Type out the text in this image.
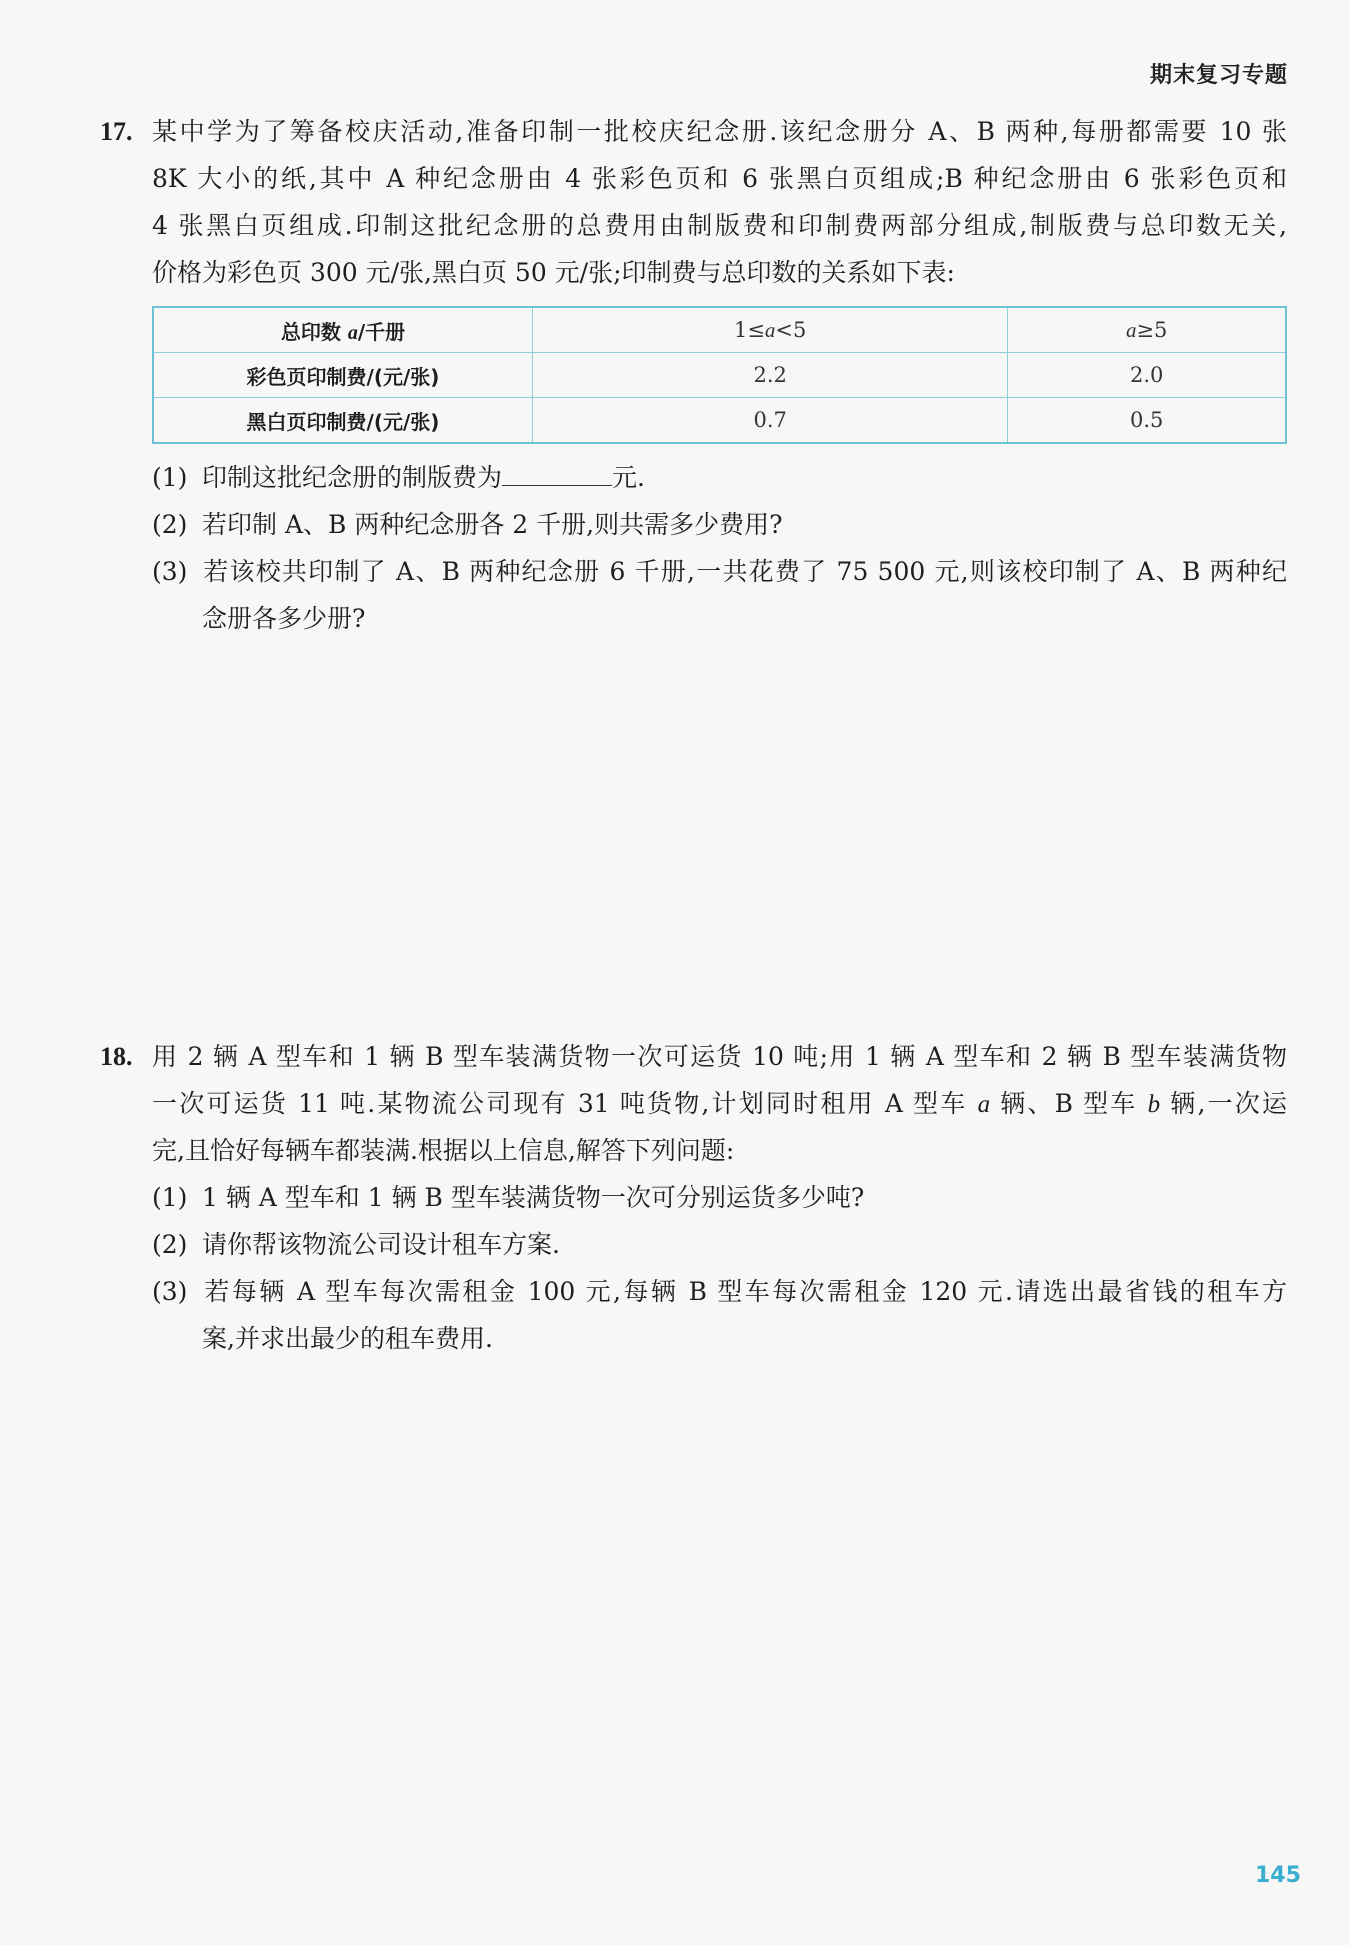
期末复习专题
17. 某中学为了筹备校庆活动,准备印制一批校庆纪念册.该纪念册分 A、B 两种,每册都需要 10 张
8K 大小的纸,其中 A 种纪念册由 4 张彩色页和 6 张黑白页组成;B 种纪念册由 6 张彩色页和
4 张黑白页组成.印制这批纪念册的总费用由制版费和印制费两部分组成,制版费与总印数无关,
价格为彩色页 300 元/张,黑白页 50 元/张;印制费与总印数的关系如下表:
总印数 a/千册	1≤a<5	a≥5
彩色页印制费/(元/张)	2.2	2.0
黑白页印制费/(元/张)	0.7	0.5
(1) 印制这批纪念册的制版费为	元.
(2) 若印制 A、B 两种纪念册各 2 千册,则共需多少费用?
(3) 若该校共印制了 A、B 两种纪念册 6 千册,一共花费了 75 500 元,则该校印制了 A、B 两种纪
念册各多少册?
18. 用 2 辆 A 型车和 1 辆 B 型车装满货物一次可运货 10 吨;用 1 辆 A 型车和 2 辆 B 型车装满货物
一次可运货 11 吨.某物流公司现有 31 吨货物,计划同时租用 A 型车 a 辆、B 型车 b 辆,一次运
完,且恰好每辆车都装满.根据以上信息,解答下列问题:
(1) 1 辆 A 型车和 1 辆 B 型车装满货物一次可分别运货多少吨?
(2) 请你帮该物流公司设计租车方案.
(3) 若每辆 A 型车每次需租金 100 元,每辆 B 型车每次需租金 120 元.请选出最省钱的租车方
案,并求出最少的租车费用.
145
